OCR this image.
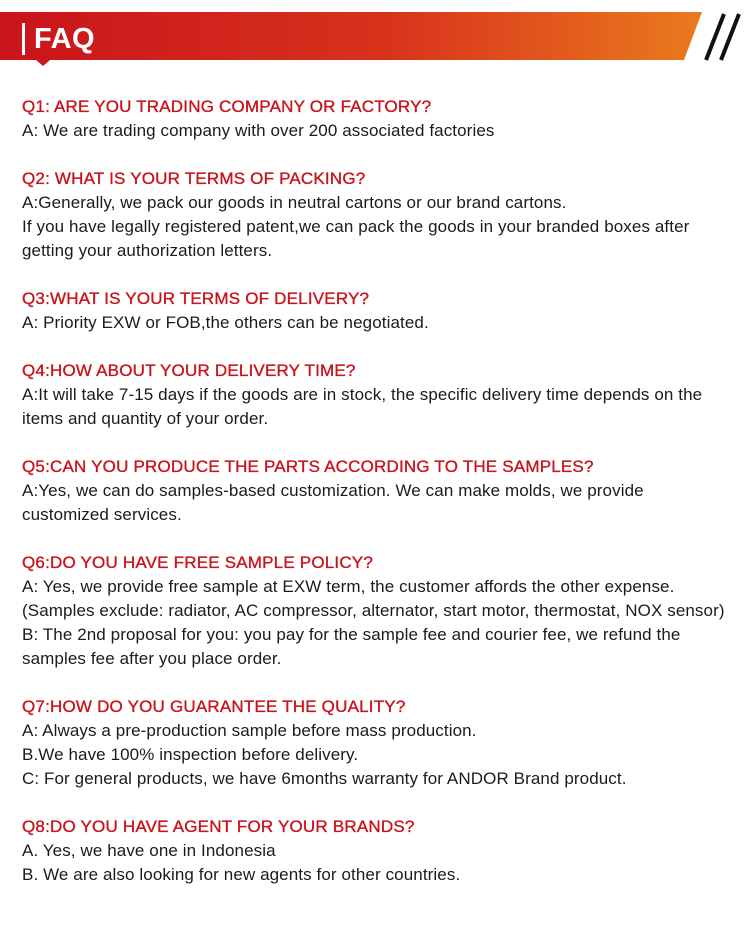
FAQ
Q1: ARE YOU TRADING COMPANY OR FACTORY?
A: We are trading company with over 200 associated factories
Q2: WHAT IS YOUR TERMS OF PACKING?
A:Generally, we pack our goods in neutral cartons or our brand cartons.
If you have legally registered patent,we can pack the goods in your branded boxes after getting your authorization letters.
Q3:WHAT IS YOUR TERMS OF DELIVERY?
A: Priority EXW or FOB,the others can be negotiated.
Q4:HOW ABOUT YOUR DELIVERY TIME?
A:It will take 7-15 days if the goods are in stock, the specific delivery time depends on the items and quantity of your order.
Q5:CAN YOU PRODUCE THE PARTS ACCORDING TO THE SAMPLES?
A:Yes, we can do samples-based customization. We can make molds, we provide customized services.
Q6:DO YOU HAVE FREE SAMPLE POLICY?
A: Yes, we provide free sample at EXW term, the customer affords the other expense.
(Samples exclude: radiator, AC compressor, alternator, start motor, thermostat, NOX sensor)
B: The 2nd proposal for you: you pay for the sample fee and courier fee, we refund the samples fee after you place order.
Q7:HOW DO YOU GUARANTEE THE QUALITY?
A: Always a pre-production sample before mass production.
B.We have 100% inspection before delivery.
C: For general products, we have 6months warranty for ANDOR Brand product.
Q8:DO YOU HAVE AGENT FOR YOUR BRANDS?
A. Yes, we have one in Indonesia
B. We are also looking for new agents for other countries.
